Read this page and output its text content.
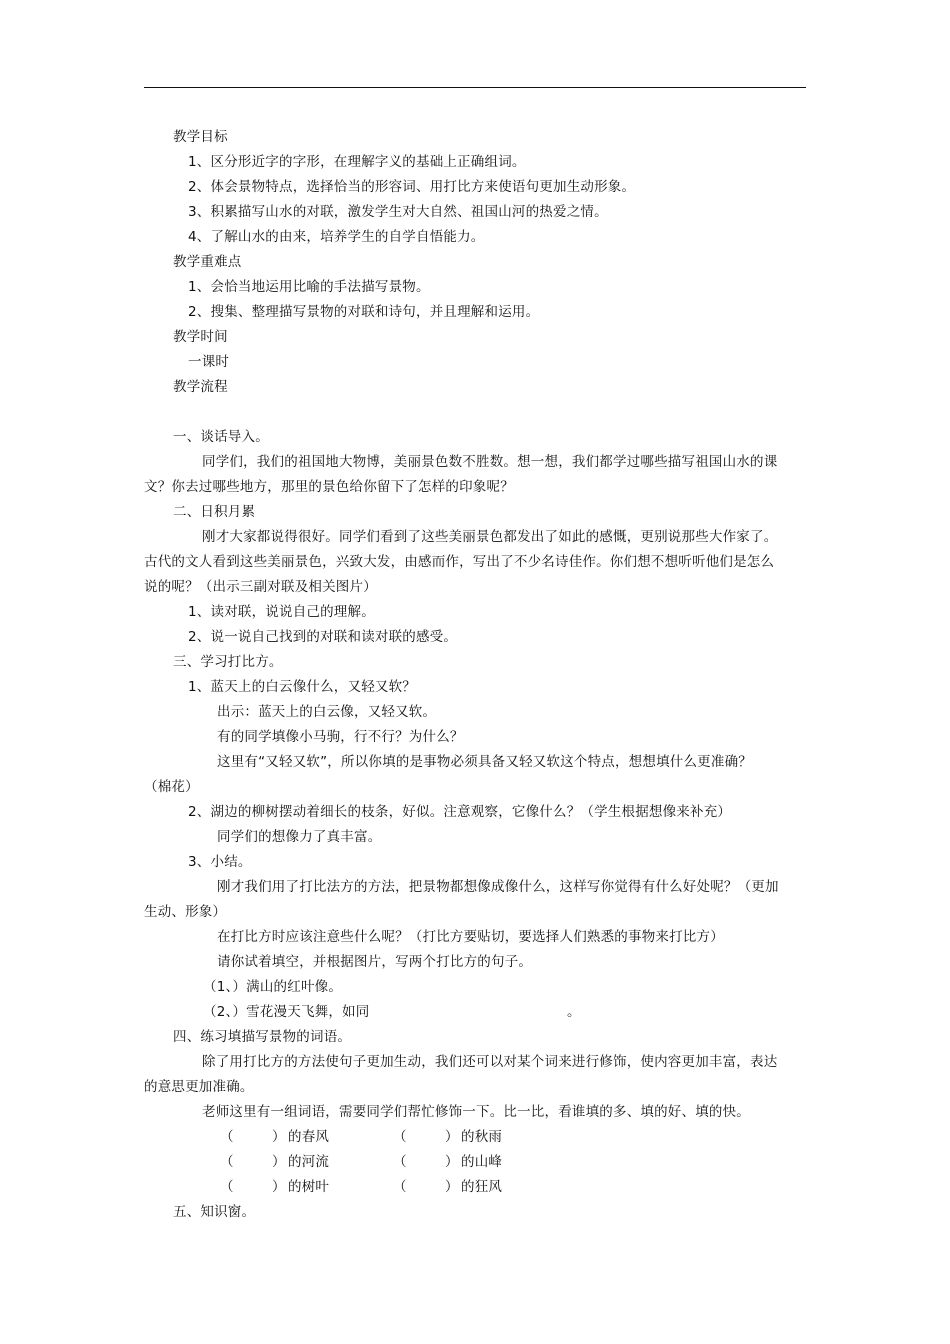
教学目标
1、区分形近字的字形，在理解字义的基础上正确组词。
2、体会景物特点，选择恰当的形容词、用打比方来使语句更加生动形象。
3、积累描写山水的对联，激发学生对大自然、祖国山河的热爱之情。
4、了解山水的由来，培养学生的自学自悟能力。
教学重难点
1、会恰当地运用比喻的手法描写景物。
2、搜集、整理描写景物的对联和诗句，并且理解和运用。
教学时间
一课时
教学流程
一、谈话导入。
同学们，我们的祖国地大物博，美丽景色数不胜数。想一想，我们都学过哪些描写祖国山水的课
文？你去过哪些地方，那里的景色给你留下了怎样的印象呢？
二、日积月累
刚才大家都说得很好。同学们看到了这些美丽景色都发出了如此的感慨，更别说那些大作家了。
古代的文人看到这些美丽景色，兴致大发，由感而作，写出了不少名诗佳作。你们想不想听听他们是怎么
说的呢？（出示三副对联及相关图片）
1、读对联，说说自己的理解。
2、说一说自己找到的对联和读对联的感受。
三、学习打比方。
1、蓝天上的白云像什么，又轻又软？
出示：蓝天上的白云像，又轻又软。
有的同学填像小马驹，行不行？为什么？
这里有“又轻又软”，所以你填的是事物必须具备又轻又软这个特点，想想填什么更准确？
（棉花）
2、湖边的柳树摆动着细长的枝条，好似。注意观察，它像什么？（学生根据想像来补充）
同学们的想像力了真丰富。
3、小结。
刚才我们用了打比法方的方法，把景物都想像成像什么，这样写你觉得有什么好处呢？（更加
生动、形象）
在打比方时应该注意些什么呢？（打比方要贴切，要选择人们熟悉的事物来打比方）
请你试着填空，并根据图片，写两个打比方的句子。
（1、）满山的红叶像。
（2、）雪花漫天飞舞，如同	。
四、练习填描写景物的词语。
除了用打比方的方法使句子更加生动，我们还可以对某个词来进行修饰，使内容更加丰富，表达
的意思更加准确。
老师这里有一组词语，需要同学们帮忙修饰一下。比一比，看谁填的多、填的好、填的快。
（	） 的春风	（	） 的秋雨
（	） 的河流	（	） 的山峰
（	） 的树叶	（	） 的狂风
五、知识窗。
